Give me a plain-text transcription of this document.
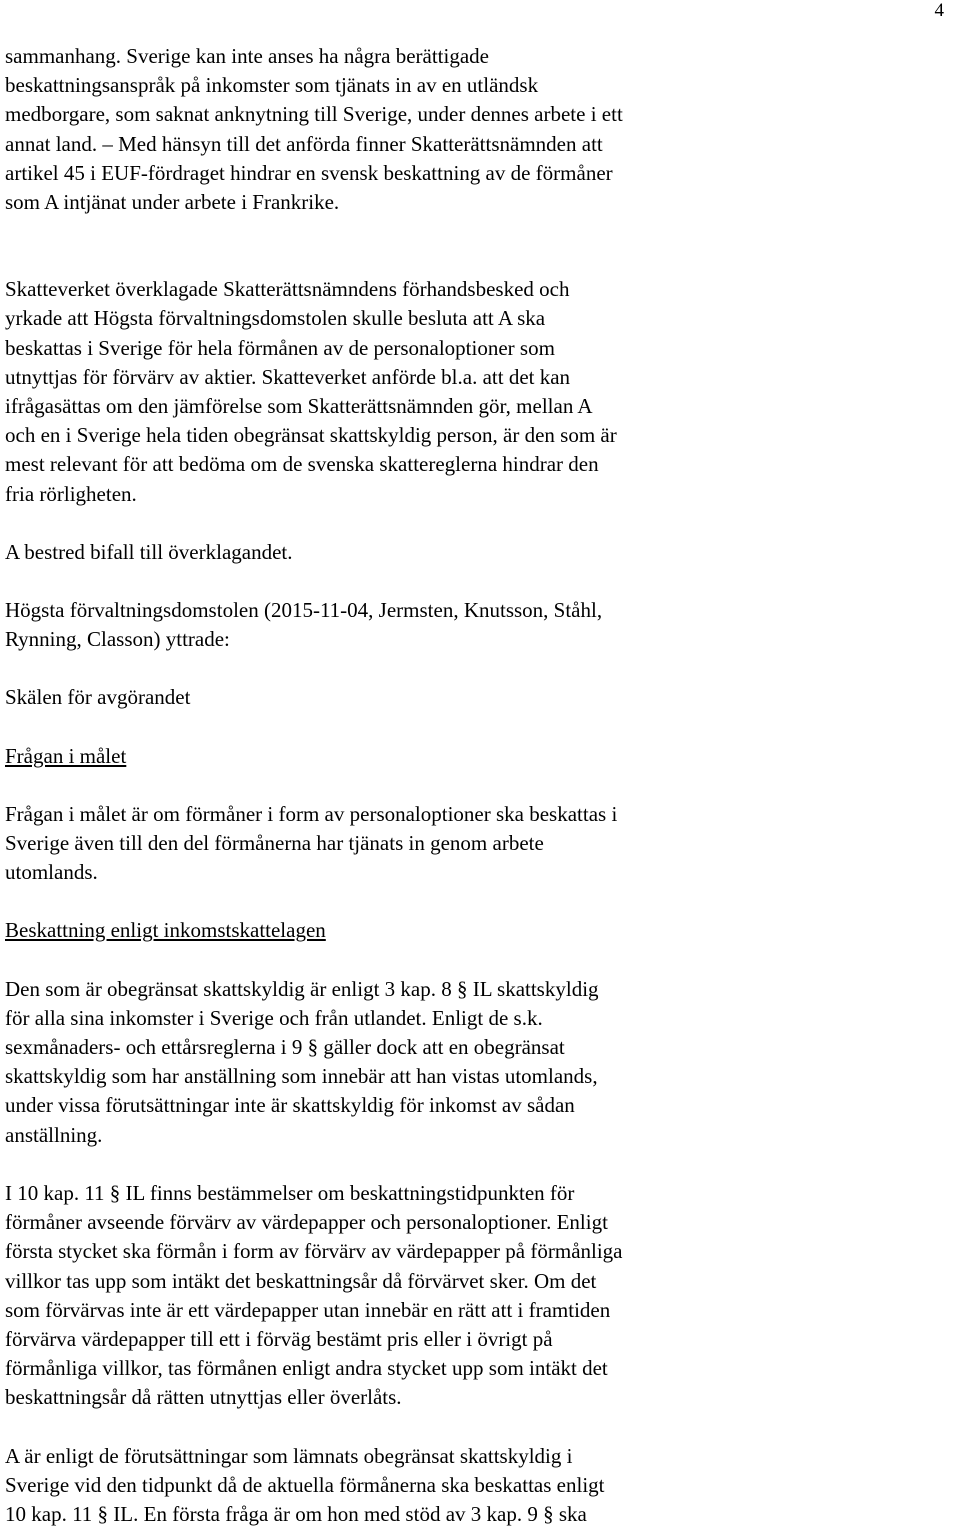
4

sammanhang. Sverige kan inte anses ha några berättigade
beskattningsanspråk på inkomster som tjänats in av en utländsk
medborgare, som saknat anknytning till Sverige, under dennes arbete i ett
annat land. – Med hänsyn till det anförda finner Skatterättsnämnden att
artikel 45 i EUF-fördraget hindrar en svensk beskattning av de förmåner
som A intjänat under arbete i Frankrike.

Skatteverket överklagade Skatterättsnämndens förhandsbesked och
yrkade att Högsta förvaltningsdomstolen skulle besluta att A ska
beskattas i Sverige för hela förmånen av de personaloptioner som
utnyttjas för förvärv av aktier. Skatteverket anförde bl.a. att det kan
ifrågasättas om den jämförelse som Skatterättsnämnden gör, mellan A
och en i Sverige hela tiden obegränsat skattskyldig person, är den som är
mest relevant för att bedöma om de svenska skattereglerna hindrar den
fria rörligheten.

A bestred bifall till överklagandet.

Högsta förvaltningsdomstolen (2015-11-04, Jermsten, Knutsson, Ståhl,
Rynning, Classon) yttrade:

Skälen för avgörandet

Frågan i målet

Frågan i målet är om förmåner i form av personaloptioner ska beskattas i
Sverige även till den del förmånerna har tjänats in genom arbete
utomlands.

Beskattning enligt inkomstskattelagen

Den som är obegränsat skattskyldig är enligt 3 kap. 8 § IL skattskyldig
för alla sina inkomster i Sverige och från utlandet. Enligt de s.k.
sexmånaders- och ettårsreglerna i 9 § gäller dock att en obegränsat
skattskyldig som har anställning som innebär att han vistas utomlands,
under vissa förutsättningar inte är skattskyldig för inkomst av sådan
anställning.

I 10 kap. 11 § IL finns bestämmelser om beskattningstidpunkten för
förmåner avseende förvärv av värdepapper och personaloptioner. Enligt
första stycket ska förmån i form av förvärv av värdepapper på förmånliga
villkor tas upp som intäkt det beskattningsår då förvärvet sker. Om det
som förvärvas inte är ett värdepapper utan innebär en rätt att i framtiden
förvärva värdepapper till ett i förväg bestämt pris eller i övrigt på
förmånliga villkor, tas förmånen enligt andra stycket upp som intäkt det
beskattningsår då rätten utnyttjas eller överlåts.

A är enligt de förutsättningar som lämnats obegränsat skattskyldig i
Sverige vid den tidpunkt då de aktuella förmånerna ska beskattas enligt
10 kap. 11 § IL. En första fråga är om hon med stöd av 3 kap. 9 § ska
